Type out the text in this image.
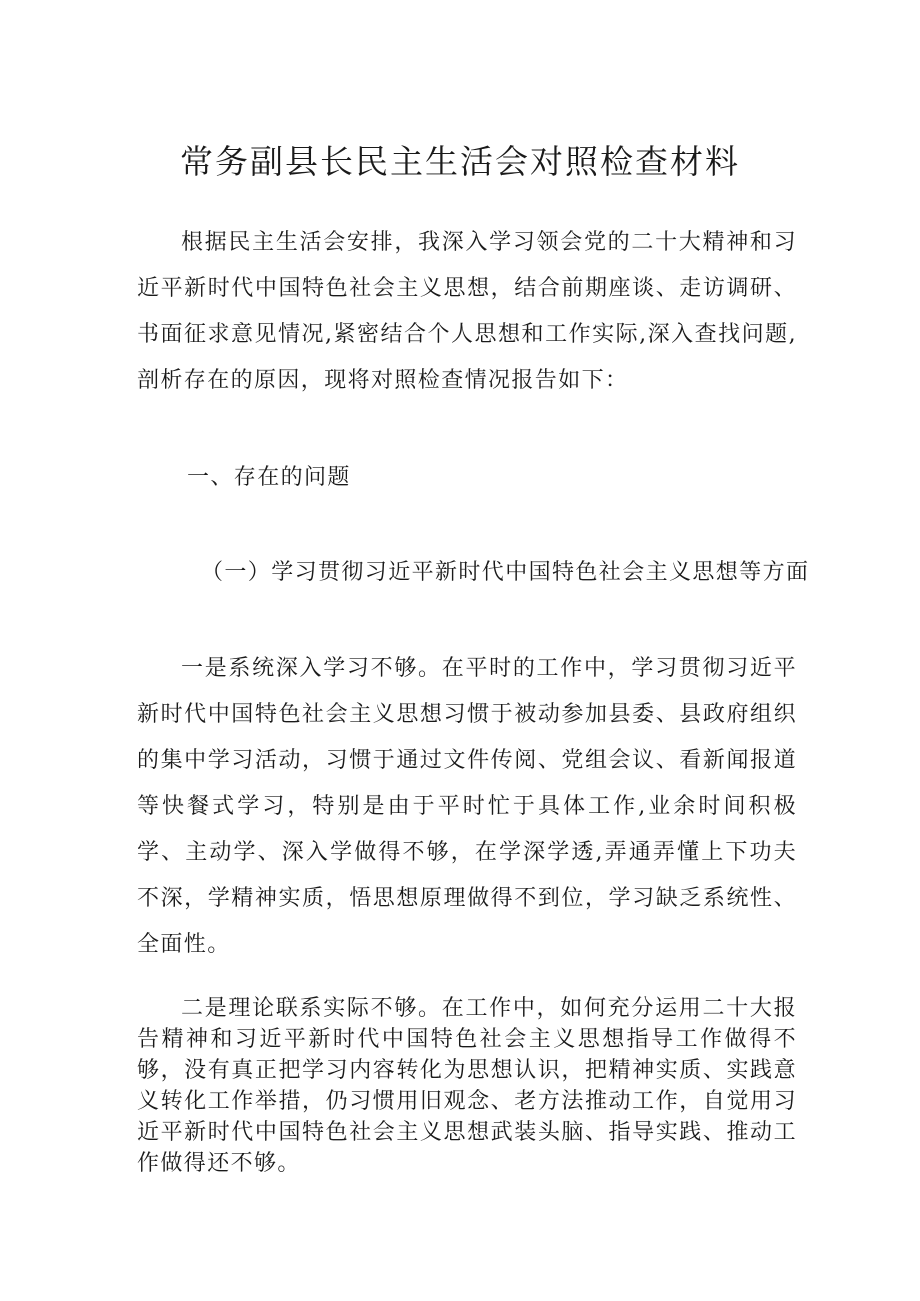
常务副县长民主生活会对照检查材料
根据民主生活会安排，我深入学习领会党的二十大精神和习近平新时代中国特色社会主义思想，结合前期座谈、走访调研、书面征求意见情况,紧密结合个人思想和工作实际,深入查找问题,剖析存在的原因，现将对照检查情况报告如下：
一、存在的问题
（一）学习贯彻习近平新时代中国特色社会主义思想等方面
一是系统深入学习不够。在平时的工作中，学习贯彻习近平新时代中国特色社会主义思想习惯于被动参加县委、县政府组织的集中学习活动，习惯于通过文件传阅、党组会议、看新闻报道等快餐式学习，特别是由于平时忙于具体工作,业余时间积极学、主动学、深入学做得不够，在学深学透,弄通弄懂上下功夫不深，学精神实质，悟思想原理做得不到位，学习缺乏系统性、全面性。
二是理论联系实际不够。在工作中，如何充分运用二十大报告精神和习近平新时代中国特色社会主义思想指导工作做得不够，没有真正把学习内容转化为思想认识，把精神实质、实践意义转化工作举措，仍习惯用旧观念、老方法推动工作，自觉用习近平新时代中国特色社会主义思想武装头脑、指导实践、推动工作做得还不够。
